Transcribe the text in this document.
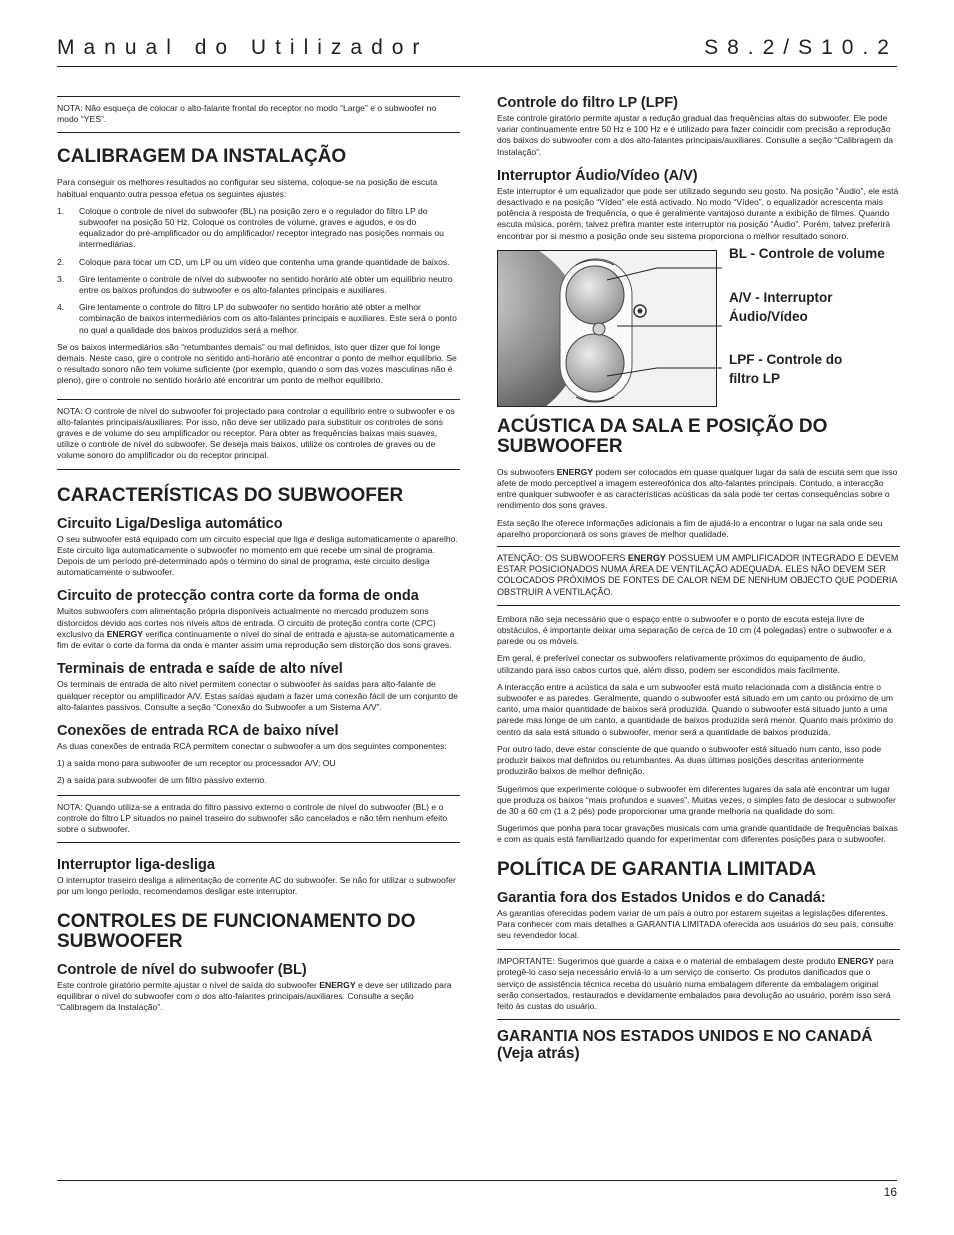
Manual do Utilizador	S8.2/S10.2
NOTA: Não esqueça de colocar o alto-falante frontal do receptor no modo “Large” e o subwoofer no modo “YES”.
CALIBRAGEM DA INSTALAÇÃO

Para conseguir os melhores resultados ao configurar seu sistema, coloque-se na posição de escuta habitual enquanto outra pessoa efetua os seguintes ajustes:

1. Coloque o controle de nível do subwoofer (BL) na posição zero e o regulador do filtro LP do subwoofer na posição 50 Hz. Coloque os controles de volume, graves e agudos, e os do equalizador do pré-amplificador ou do amplificador/ receptor integrado nas posições normais ou intermediárias.
2. Coloque para tocar um CD, um LP ou um vídeo que contenha uma grande quantidade de baixos.
3. Gire lentamente o controle de nível do subwoofer no sentido horário até obter um equilíbrio neutro entre os baixos profundos do subwoofer e os alto-falantes principais e auxiliares.
4. Gire lentamente o controle do filtro LP do subwoofer no sentido horário até obter a melhor combinação de baixos intermediários com os alto-falantes principais e auxiliares. Este será o ponto no qual a qualidade dos baixos produzidos será a melhor.

Se os baixos intermediários são “retumbantes demais” ou mal definidos, isto quer dizer que foi longe demais. Neste caso, gire o controle no sentido anti-horário até encontrar o ponto de melhor equilíbrio. Se o resultado sonoro não tem volume suficiente (por exemplo, quando o som das vozes masculinas não é pleno), gire o controle no sentido horário até encontrar um ponto de melhor equilíbrio.

NOTA: O controle de nível do subwoofer foi projectado para controlar o equilíbrio entre o subwoofer e os alto-falantes principais/auxiliares. Por isso, não deve ser utilizado para substituir os controles de sons graves e de volume do seu amplificador ou receptor. Para obter as frequências baixas mais suaves, utilize o controle de nível do subwoofer. Se deseja mais baixos, utilize os controles de graves ou de volume sonoro do amplificador ou do receptor principal.
CARACTERÍSTICAS DO SUBWOOFER
Circuito Liga/Desliga automático

O seu subwoofer está equipado com um circuito especial que liga e desliga automaticamente o aparelho. Este circuito liga automaticamente o subwoofer no momento em que recebe um sinal de programa. Depois de um período pré-determinado após o término do sinal de programa, este circuito desliga automaticamente o subwoofer.

Circuito de protecção contra corte da forma de onda

Muitos subwoofers com alimentação própria disponíveis actualmente no mercado produzem sons distorcidos devido aos cortes nos níveis altos de entrada. O circuito de proteção contra corte (CPC) exclusivo da ENERGY verifica continuamente o nível do sinal de entrada e ajusta-se automaticamente a fim de evitar o corte da forma da onda e manter assim uma reprodução sem distorção dos sons graves.

Terminais de entrada e saíde de alto nível

Os terminais de entrada de alto nível permitem conectar o subwoofer às saídas para alto-falante de qualquer receptor ou amplificador A/V. Estas saídas ajudam a fazer uma conexão fácil de um conjunto de alto-falantes passivos. Consulte a seção “Conexão do Subwoofer a um Sistema A/V”.

Conexões de entrada RCA de baixo nível

As duas conexões de entrada RCA permitem conectar o subwoofer a um dos seguintes componentes:

1) a saída mono para subwoofer de um receptor ou processador A/V; OU

2) a saída para subwoofer de um filtro passivo externo.

NOTA: Quando utiliza-se a entrada do filtro passivo externo o controle de nível do subwoofer (BL) e o controle do filtro LP situados no painel traseiro do subwoofer são cancelados e não têm nenhum efeito sobre o subwoofer.
Interruptor liga-desliga

O interruptor traseiro desliga a alimentação de corrente AC do subwoofer. Se não for utilizar o subwoofer por um longo período, recomendamos desligar este interruptor.

CONTROLES DE FUNCIONAMENTO DO SUBWOOFER
Controle de nível do subwoofer (BL)

Este controle giratório permite ajustar o nível de saída do subwoofer ENERGY e deve ser utilizado para equilibrar o nível do subwoofer com o dos alto-falantes principais/auxiliares. Consulte a seção “Calibragem da Instalação”.

Controle do filtro LP (LPF)

Este controle giratório permite ajustar a redução gradual das frequências altas do subwoofer. Ele pode variar continuamente entre 50 Hz e 100 Hz e é utilizado para fazer coincidir com precisão a reprodução dos baixos do subwoofer com a dos alto-falantes principais/auxiliares. Consulte a seção “Calibragem da Instalação”.

Interruptor Áudio/Vídeo (A/V)

Este interruptor é um equalizador que pode ser utilizado segundo seu gosto. Na posição “Áudio”, ele está desactivado e na posição “Vídeo” ele está activado. No modo “Vídeo”, o equalizador acrescenta mais potência à resposta de frequência, o que é geralmente vantajoso durante a exibição de filmes. Quando escuta música, porém, talvez prefira manter este interruptor na posição “Áudio”. Porém, talvez preferirá encontrar por si mesmo a posição onde seu sistema proporciona o melhor resultado sonoro.

BL - Controle de volume
A/V - Interruptor Áudio/Vídeo
LPF - Controle do filtro LP
ACÚSTICA DA SALA E POSIÇÃO DO SUBWOOFER

Os subwoofers ENERGY podem ser colocados em quase qualquer lugar da sala de escuta sem que isso afete de modo perceptível a imagem estereofónica dos alto-falantes principais. Contudo, a interacção entre qualquer subwoofer e as características acústicas da sala pode ter certas consequências sobre o rendimento dos sons graves.

Esta seção lhe oferece informações adicionais a fim de ajudá-lo a encontrar o lugar na sala onde seu aparelho proporcionará os sons graves de melhor qualidade.

ATENÇÃO: OS SUBWOOFERS ENERGY POSSUEM UM AMPLIFICADOR INTEGRADO E DEVEM ESTAR POSICIONADOS NUMA ÁREA DE VENTILAÇÃO ADEQUADA. ELES NÃO DEVEM SER COLOCADOS PRÓXIMOS DE FONTES DE CALOR NEM DE NENHUM OBJECTO QUE PODERIA OBSTRUIR A VENTILAÇÃO.

Embora não seja necessário que o espaço entre o subwoofer e o ponto de escuta esteja livre de obstáculos, é importante deixar uma separação de cerca de 10 cm (4 polegadas) entre o subwoofer e a parede ou os móveis.

Em geral, é preferível conectar os subwoofers relativamente próximos do equipamento de áudio, utilizando para isso cabos curtos que, além disso, podem ser escondidos mais facilmente.

A interacção entre a acústica da sala e um subwoofer está muito relacionada com a distância entre o subwoofer e as paredes. Geralmente, quando o subwoofer está situado em um canto ou próximo de um canto, uma maior quantidade de baixos será produzida. Quando o subwoofer está situado junto a uma parede mas longe de um canto, a quantidade de baixos produzida será menor. Quanto mais próximo do centro da sala está situado o subwoofer, menor será a quantidade de baixos produzida.

Por outro lado, deve estar consciente de que quando o subwoofer está situado num canto, isso pode produzir baixos mal definidos ou retumbantes. As duas últimas posições descritas anteriormente produzirão baixos de melhor definição.

Sugerimos que experimente coloque o subwoofer em diferentes lugares da sala até encontrar um lugar que produza os baixos “mais profundos e suaves”. Muitas vezes, o simples fato de deslocar o subwoofer de 30 a 60 cm (1 a 2 pés) pode proporcionar uma grande melhoria na qualidade do som.

Sugerimos que ponha para tocar gravações musicais com uma grande quantidade de frequências baixas e com as quais está familiarizado quando for experimentar com diferentes posições para o subwoofer.

POLÍTICA DE GARANTIA LIMITADA
Garantia fora dos Estados Unidos e do Canadá:

As garantias oferecidas podem variar de um país a outro por estarem sujeitas a legislações diferentes. Para conhecer com mais detalhes a GARANTIA LIMITADA oferecida aos usuários do seu país, consulte seu revendedor local.

IMPORTANTE: Sugerimos que guarde a caixa e o material de embalagem deste produto ENERGY para protegê-lo caso seja necessário enviá-lo a um serviço de conserto. Os produtos danificados que o serviço de assistência técnica receba do usuário numa embalagem diferente da embalagem original serão consertados, restaurados e devidamente embalados para devolução ao usuário, porém isso será feito às custas do usuário.
GARANTIA NOS ESTADOS UNIDOS E NO CANADÁ (Veja atrás)
16
